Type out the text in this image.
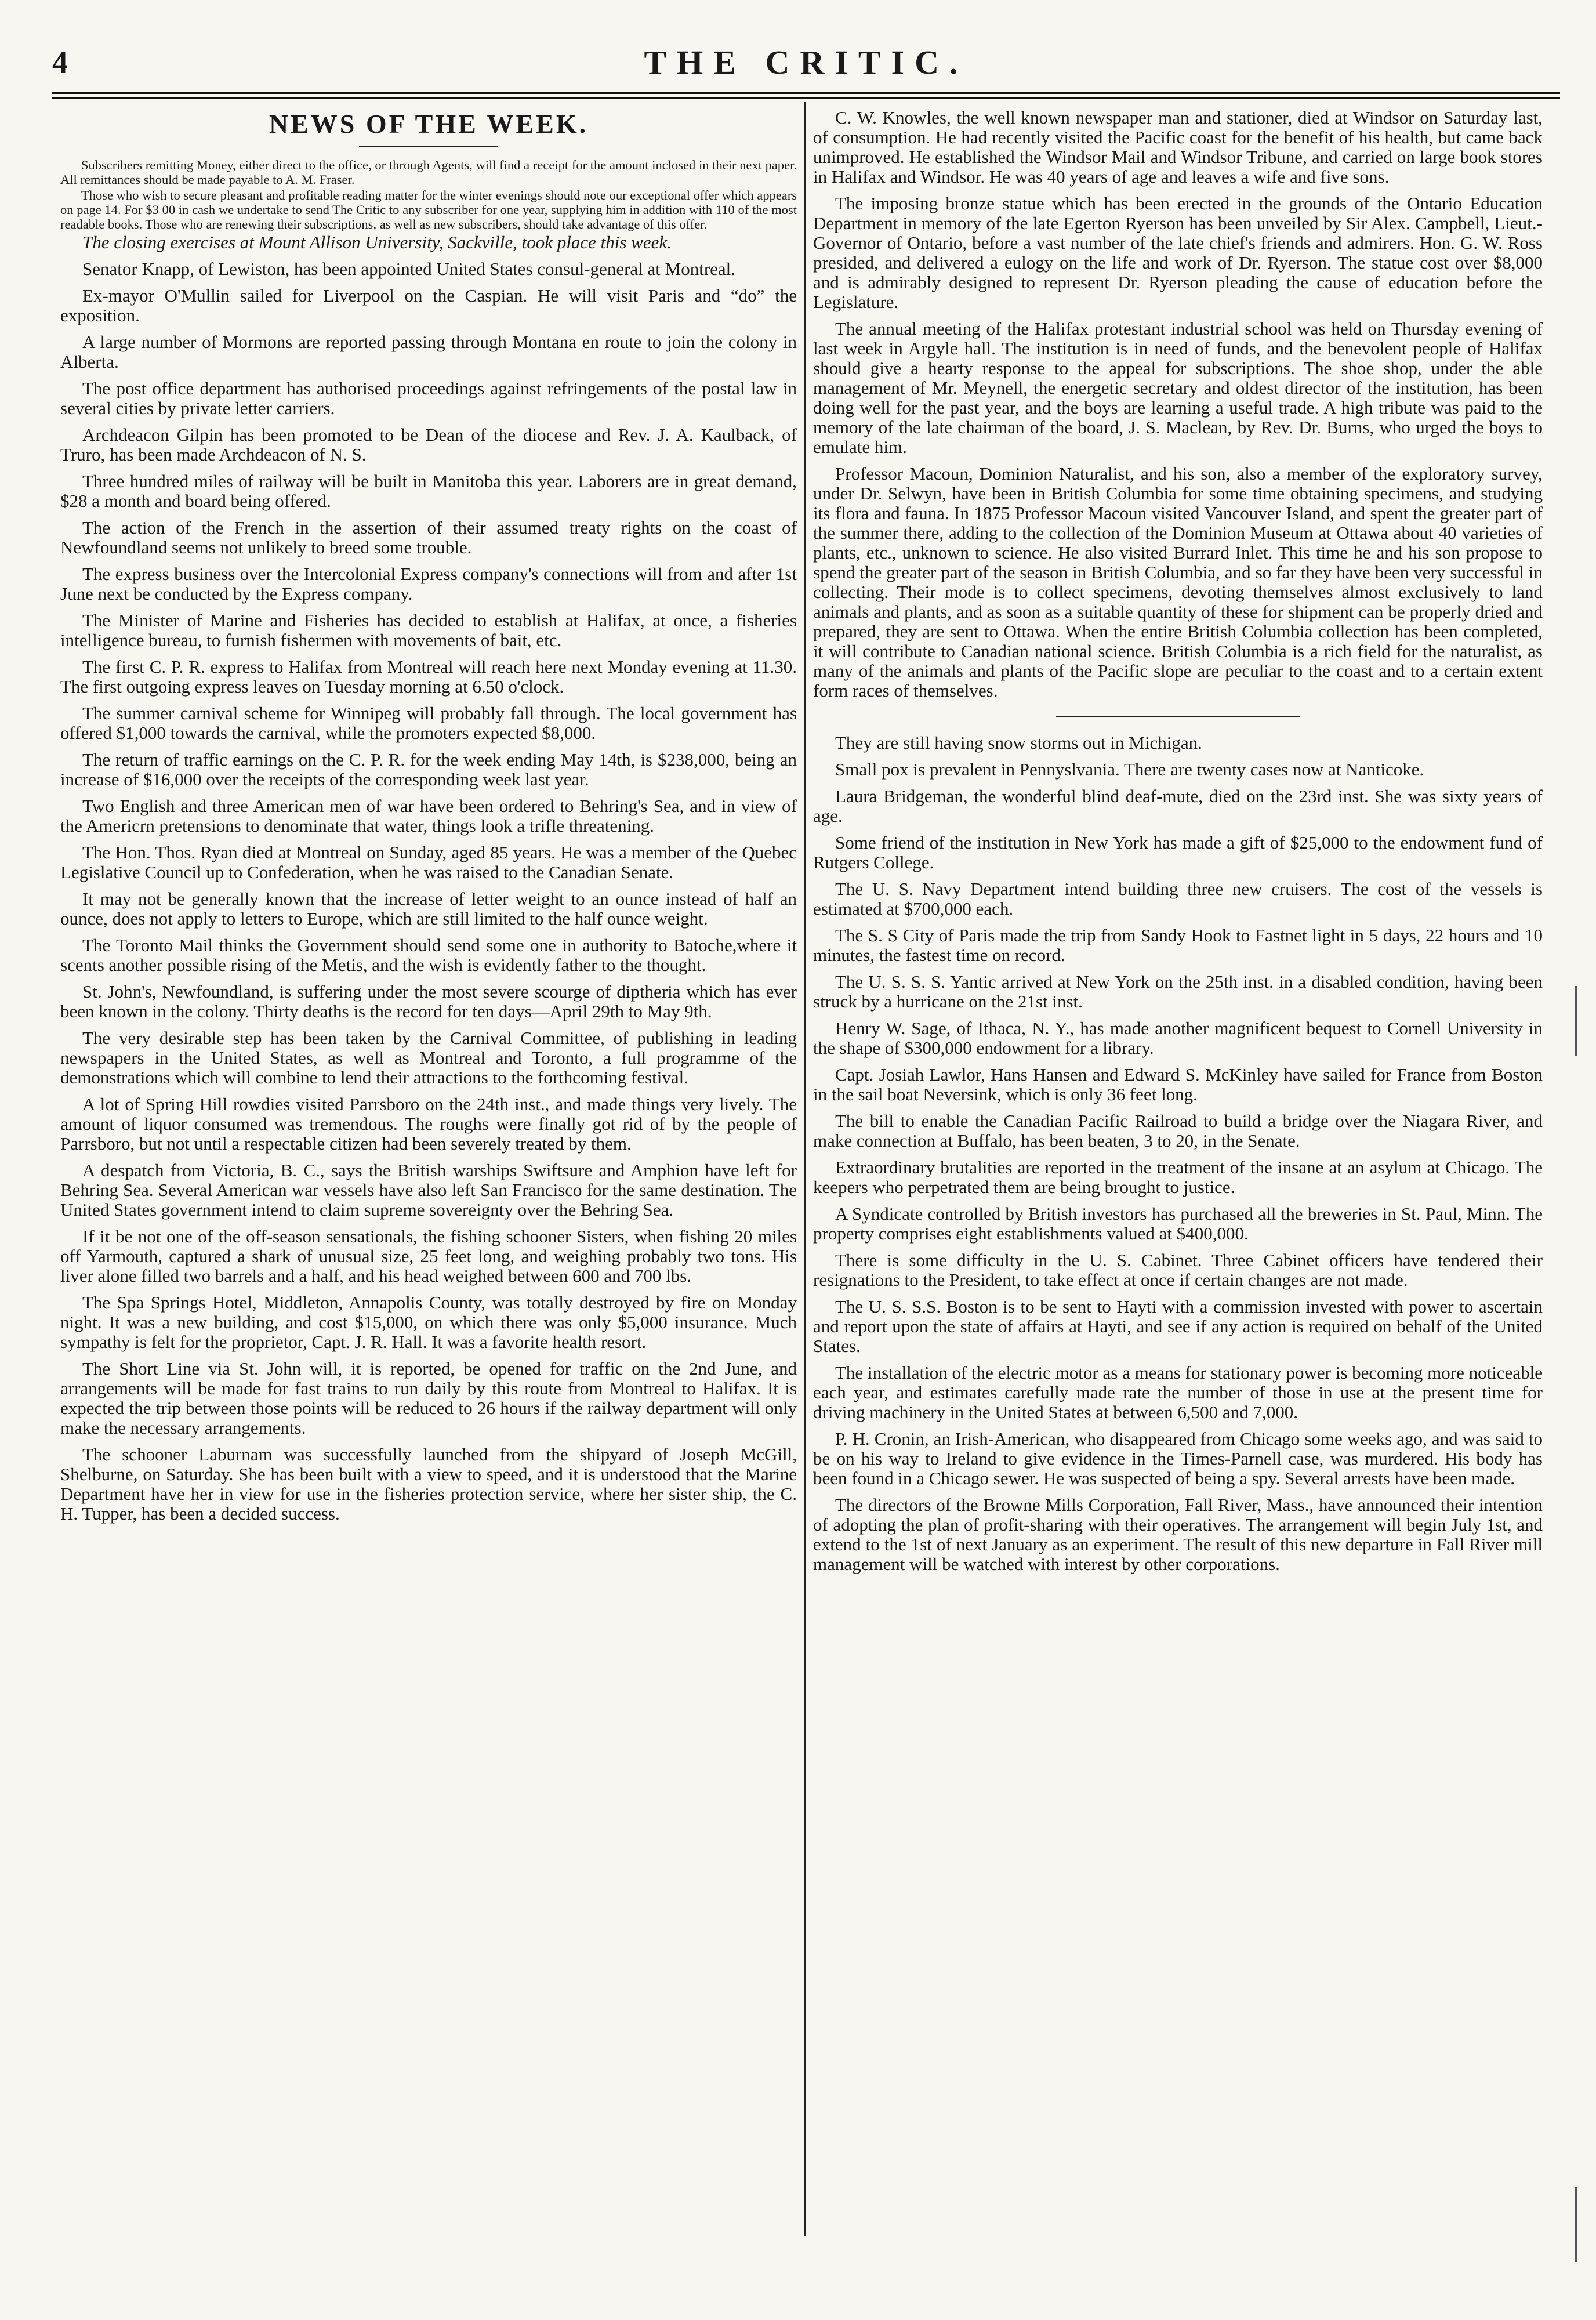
4	THE CRITIC.
NEWS OF THE WEEK.

Subscribers remitting Money, either direct to the office, or through Agents, will find a receipt for the amount inclosed in their next paper. All remittances should be made payable to A. M. Fraser.

Those who wish to secure pleasant and profitable reading matter for the winter evenings should note our exceptional offer which appears on page 14. For $3 00 in cash we undertake to send The Critic to any subscriber for one year, supplying him in addition with 110 of the most readable books. Those who are renewing their subscriptions, as well as new subscribers, should take advantage of this offer.

The closing exercises at Mount Allison University, Sackville, took place this week.

Senator Knapp, of Lewiston, has been appointed United States consul-general at Montreal.

Ex-mayor O'Mullin sailed for Liverpool on the Caspian. He will visit Paris and “do” the exposition.

A large number of Mormons are reported passing through Montana en route to join the colony in Alberta.

The post office department has authorised proceedings against refringements of the postal law in several cities by private letter carriers.

Archdeacon Gilpin has been promoted to be Dean of the diocese and Rev. J. A. Kaulback, of Truro, has been made Archdeacon of N. S.

Three hundred miles of railway will be built in Manitoba this year. Laborers are in great demand, $28 a month and board being offered.

The action of the French in the assertion of their assumed treaty rights on the coast of Newfoundland seems not unlikely to breed some trouble.

The express business over the Intercolonial Express company's connections will from and after 1st June next be conducted by the Express company.

The Minister of Marine and Fisheries has decided to establish at Halifax, at once, a fisheries intelligence bureau, to furnish fishermen with movements of bait, etc.

The first C. P. R. express to Halifax from Montreal will reach here next Monday evening at 11.30. The first outgoing express leaves on Tuesday morning at 6.50 o'clock.

The summer carnival scheme for Winnipeg will probably fall through. The local government has offered $1,000 towards the carnival, while the promoters expected $8,000.

The return of traffic earnings on the C. P. R. for the week ending May 14th, is $238,000, being an increase of $16,000 over the receipts of the corresponding week last year.

Two English and three American men of war have been ordered to Behring's Sea, and in view of the Americrn pretensions to denominate that water, things look a trifle threatening.

The Hon. Thos. Ryan died at Montreal on Sunday, aged 85 years. He was a member of the Quebec Legislative Council up to Confederation, when he was raised to the Canadian Senate.

It may not be generally known that the increase of letter weight to an ounce instead of half an ounce, does not apply to letters to Europe, which are still limited to the half ounce weight.

The Toronto Mail thinks the Government should send some one in authority to Batoche,where it scents another possible rising of the Metis, and the wish is evidently father to the thought.

St. John's, Newfoundland, is suffering under the most severe scourge of diptheria which has ever been known in the colony. Thirty deaths is the record for ten days—April 29th to May 9th.

The very desirable step has been taken by the Carnival Committee, of publishing in leading newspapers in the United States, as well as Montreal and Toronto, a full programme of the demonstrations which will combine to lend their attractions to the forthcoming festival.

A lot of Spring Hill rowdies visited Parrsboro on the 24th inst., and made things very lively. The amount of liquor consumed was tremendous. The roughs were finally got rid of by the people of Parrsboro, but not until a respectable citizen had been severely treated by them.

A despatch from Victoria, B. C., says the British warships Swiftsure and Amphion have left for Behring Sea. Several American war vessels have also left San Francisco for the same destination. The United States government intend to claim supreme sovereignty over the Behring Sea.

If it be not one of the off-season sensationals, the fishing schooner Sisters, when fishing 20 miles off Yarmouth, captured a shark of unusual size, 25 feet long, and weighing probably two tons. His liver alone filled two barrels and a half, and his head weighed between 600 and 700 lbs.

The Spa Springs Hotel, Middleton, Annapolis County, was totally destroyed by fire on Monday night. It was a new building, and cost $15,000, on which there was only $5,000 insurance. Much sympathy is felt for the proprietor, Capt. J. R. Hall. It was a favorite health resort.

The Short Line via St. John will, it is reported, be opened for traffic on the 2nd June, and arrangements will be made for fast trains to run daily by this route from Montreal to Halifax. It is expected the trip between those points will be reduced to 26 hours if the railway department will only make the necessary arrangements.

The schooner Laburnam was successfully launched from the shipyard of Joseph McGill, Shelburne, on Saturday. She has been built with a view to speed, and it is understood that the Marine Department have her in view for use in the fisheries protection service, where her sister ship, the C. H. Tupper, has been a decided success.

C. W. Knowles, the well known newspaper man and stationer, died at Windsor on Saturday last, of consumption. He had recently visited the Pacific coast for the benefit of his health, but came back unimproved. He established the Windsor Mail and Windsor Tribune, and carried on large book stores in Halifax and Windsor. He was 40 years of age and leaves a wife and five sons.

The imposing bronze statue which has been erected in the grounds of the Ontario Education Department in memory of the late Egerton Ryerson has been unveiled by Sir Alex. Campbell, Lieut.-Governor of Ontario, before a vast number of the late chief's friends and admirers. Hon. G. W. Ross presided, and delivered a eulogy on the life and work of Dr. Ryerson. The statue cost over $8,000 and is admirably designed to represent Dr. Ryerson pleading the cause of education before the Legislature.

The annual meeting of the Halifax protestant industrial school was held on Thursday evening of last week in Argyle hall. The institution is in need of funds, and the benevolent people of Halifax should give a hearty response to the appeal for subscriptions. The shoe shop, under the able management of Mr. Meynell, the energetic secretary and oldest director of the institution, has been doing well for the past year, and the boys are learning a useful trade. A high tribute was paid to the memory of the late chairman of the board, J. S. Maclean, by Rev. Dr. Burns, who urged the boys to emulate him.

Professor Macoun, Dominion Naturalist, and his son, also a member of the exploratory survey, under Dr. Selwyn, have been in British Columbia for some time obtaining specimens, and studying its flora and fauna. In 1875 Professor Macoun visited Vancouver Island, and spent the greater part of the summer there, adding to the collection of the Dominion Museum at Ottawa about 40 varieties of plants, etc., unknown to science. He also visited Burrard Inlet. This time he and his son propose to spend the greater part of the season in British Columbia, and so far they have been very successful in collecting. Their mode is to collect specimens, devoting themselves almost exclusively to land animals and plants, and as soon as a suitable quantity of these for shipment can be properly dried and prepared, they are sent to Ottawa. When the entire British Columbia collection has been completed, it will contribute to Canadian national science. British Columbia is a rich field for the naturalist, as many of the animals and plants of the Pacific slope are peculiar to the coast and to a certain extent form races of themselves.

They are still having snow storms out in Michigan.

Small pox is prevalent in Pennyslvania. There are twenty cases now at Nanticoke.

Laura Bridgeman, the wonderful blind deaf-mute, died on the 23rd inst. She was sixty years of age.

Some friend of the institution in New York has made a gift of $25,000 to the endowment fund of Rutgers College.

The U. S. Navy Department intend building three new cruisers. The cost of the vessels is estimated at $700,000 each.

The S. S City of Paris made the trip from Sandy Hook to Fastnet light in 5 days, 22 hours and 10 minutes, the fastest time on record.

The U. S. S. S. Yantic arrived at New York on the 25th inst. in a disabled condition, having been struck by a hurricane on the 21st inst.

Henry W. Sage, of Ithaca, N. Y., has made another magnificent bequest to Cornell University in the shape of $300,000 endowment for a library.

Capt. Josiah Lawlor, Hans Hansen and Edward S. McKinley have sailed for France from Boston in the sail boat Neversink, which is only 36 feet long.

The bill to enable the Canadian Pacific Railroad to build a bridge over the Niagara River, and make connection at Buffalo, has been beaten, 3 to 20, in the Senate.

Extraordinary brutalities are reported in the treatment of the insane at an asylum at Chicago. The keepers who perpetrated them are being brought to justice.

A Syndicate controlled by British investors has purchased all the breweries in St. Paul, Minn. The property comprises eight establishments valued at $400,000.

There is some difficulty in the U. S. Cabinet. Three Cabinet officers have tendered their resignations to the President, to take effect at once if certain changes are not made.

The U. S. S.S. Boston is to be sent to Hayti with a commission invested with power to ascertain and report upon the state of affairs at Hayti, and see if any action is required on behalf of the United States.

The installation of the electric motor as a means for stationary power is becoming more noticeable each year, and estimates carefully made rate the number of those in use at the present time for driving machinery in the United States at between 6,500 and 7,000.

P. H. Cronin, an Irish-American, who disappeared from Chicago some weeks ago, and was said to be on his way to Ireland to give evidence in the Times-Parnell case, was murdered. His body has been found in a Chicago sewer. He was suspected of being a spy. Several arrests have been made.

The directors of the Browne Mills Corporation, Fall River, Mass., have announced their intention of adopting the plan of profit-sharing with their operatives. The arrangement will begin July 1st, and extend to the 1st of next January as an experiment. The result of this new departure in Fall River mill management will be watched with interest by other corporations.
